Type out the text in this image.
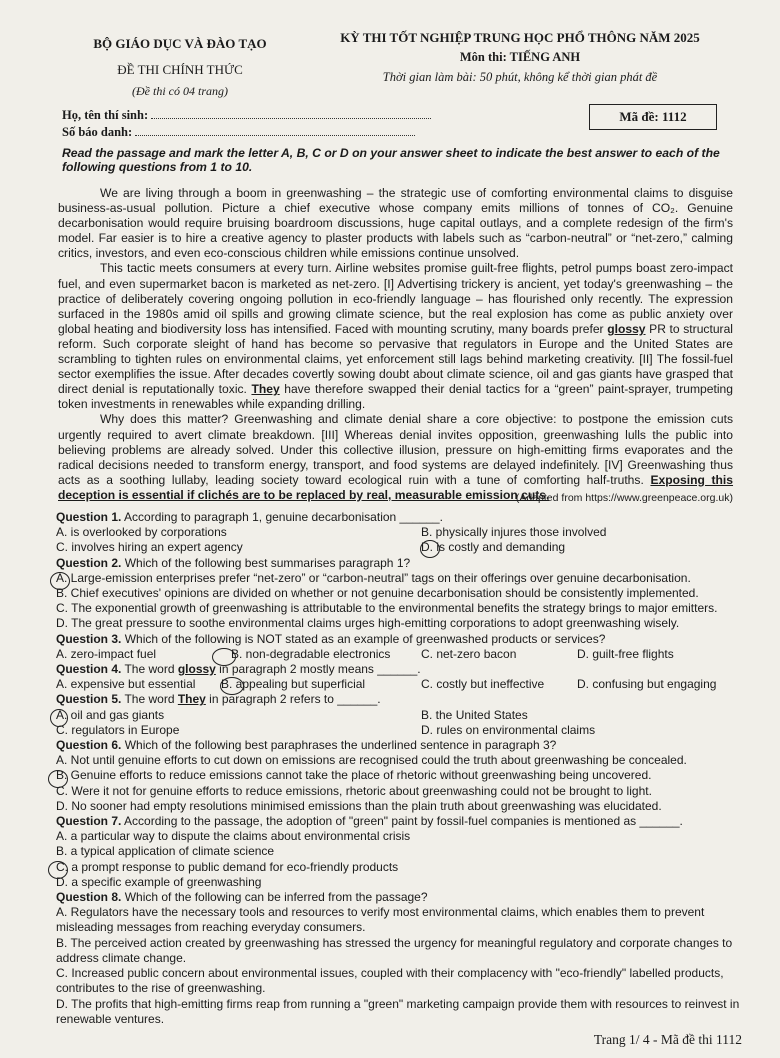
BỘ GIÁO DỤC VÀ ĐÀO TẠO
ĐỀ THI CHÍNH THỨC
(Đề thi có 04 trang)
KỲ THI TỐT NGHIỆP TRUNG HỌC PHỔ THÔNG NĂM 2025
Môn thi: TIẾNG ANH
Thời gian làm bài: 50 phút, không kể thời gian phát đề
Họ, tên thí sinh:
Số báo danh:
Mã đề: 1112
Read the passage and mark the letter A, B, C or D on your answer sheet to indicate the best answer to each of the following questions from 1 to 10.

We are living through a boom in greenwashing – the strategic use of comforting environmental claims to disguise business-as-usual pollution. Picture a chief executive whose company emits millions of tonnes of CO₂. Genuine decarbonisation would require bruising boardroom discussions, huge capital outlays, and a complete redesign of the firm's model. Far easier is to hire a creative agency to plaster products with labels such as “carbon-neutral” or “net-zero,” calming critics, investors, and even eco-conscious children while emissions continue unsolved.

This tactic meets consumers at every turn. Airline websites promise guilt-free flights, petrol pumps boast zero-impact fuel, and even supermarket bacon is marketed as net-zero. [I] Advertising trickery is ancient, yet today's greenwashing – the practice of deliberately covering ongoing pollution in eco-friendly language – has flourished only recently. The expression surfaced in the 1980s amid oil spills and growing climate science, but the real explosion has come as public anxiety over global heating and biodiversity loss has intensified. Faced with mounting scrutiny, many boards prefer glossy PR to structural reform. Such corporate sleight of hand has become so pervasive that regulators in Europe and the United States are scrambling to tighten rules on environmental claims, yet enforcement still lags behind marketing creativity. [II] The fossil-fuel sector exemplifies the issue. After decades covertly sowing doubt about climate science, oil and gas giants have grasped that direct denial is reputationally toxic. They have therefore swapped their denial tactics for a “green” paint-sprayer, trumpeting token investments in renewables while expanding drilling.

Why does this matter? Greenwashing and climate denial share a core objective: to postpone the emission cuts urgently required to avert climate breakdown. [III] Whereas denial invites opposition, greenwashing lulls the public into believing problems are already solved. Under this collective illusion, pressure on high-emitting firms evaporates and the radical decisions needed to transform energy, transport, and food systems are delayed indefinitely. [IV] Greenwashing thus acts as a soothing lullaby, leading society toward ecological ruin with a tune of comforting half-truths. Exposing this deception is essential if clichés are to be replaced by real, measurable emission cuts.

(Adapted from https://www.greenpeace.org.uk)
Question 1. According to paragraph 1, genuine decarbonisation ______.
A. is overlooked by corporations	B. physically injures those involved
C. involves hiring an expert agency	D. is costly and demanding
Question 2. Which of the following best summarises paragraph 1?
A. Large-emission enterprises prefer “net-zero” or “carbon-neutral” tags on their offerings over genuine decarbonisation.
B. Chief executives' opinions are divided on whether or not genuine decarbonisation should be consistently implemented.
C. The exponential growth of greenwashing is attributable to the environmental benefits the strategy brings to major emitters.
D. The great pressure to soothe environmental claims urges high-emitting corporations to adopt greenwashing wisely.
Question 3. Which of the following is NOT stated as an example of greenwashed products or services?
A. zero-impact fuel	B. non-degradable electronics	C. net-zero bacon	D. guilt-free flights
Question 4. The word glossy in paragraph 2 mostly means ______.
A. expensive but essential	B. appealing but superficial	C. costly but ineffective	D. confusing but engaging
Question 5. The word They in paragraph 2 refers to ______.
A. oil and gas giants	B. the United States
C. regulators in Europe	D. rules on environmental claims
Question 6. Which of the following best paraphrases the underlined sentence in paragraph 3?
A. Not until genuine efforts to cut down on emissions are recognised could the truth about greenwashing be concealed.
B. Genuine efforts to reduce emissions cannot take the place of rhetoric without greenwashing being uncovered.
C. Were it not for genuine efforts to reduce emissions, rhetoric about greenwashing could not be brought to light.
D. No sooner had empty resolutions minimised emissions than the plain truth about greenwashing was elucidated.
Question 7. According to the passage, the adoption of "green" paint by fossil-fuel companies is mentioned as ______.
A. a particular way to dispute the claims about environmental crisis
B. a typical application of climate science
C. a prompt response to public demand for eco-friendly products
D. a specific example of greenwashing
Question 8. Which of the following can be inferred from the passage?
A. Regulators have the necessary tools and resources to verify most environmental claims, which enables them to prevent misleading messages from reaching everyday consumers.
B. The perceived action created by greenwashing has stressed the urgency for meaningful regulatory and corporate changes to address climate change.
C. Increased public concern about environmental issues, coupled with their complacency with "eco-friendly" labelled products, contributes to the rise of greenwashing.
D. The profits that high-emitting firms reap from running a "green" marketing campaign provide them with resources to reinvest in renewable ventures.
Trang 1/ 4 - Mã đề thi 1112
